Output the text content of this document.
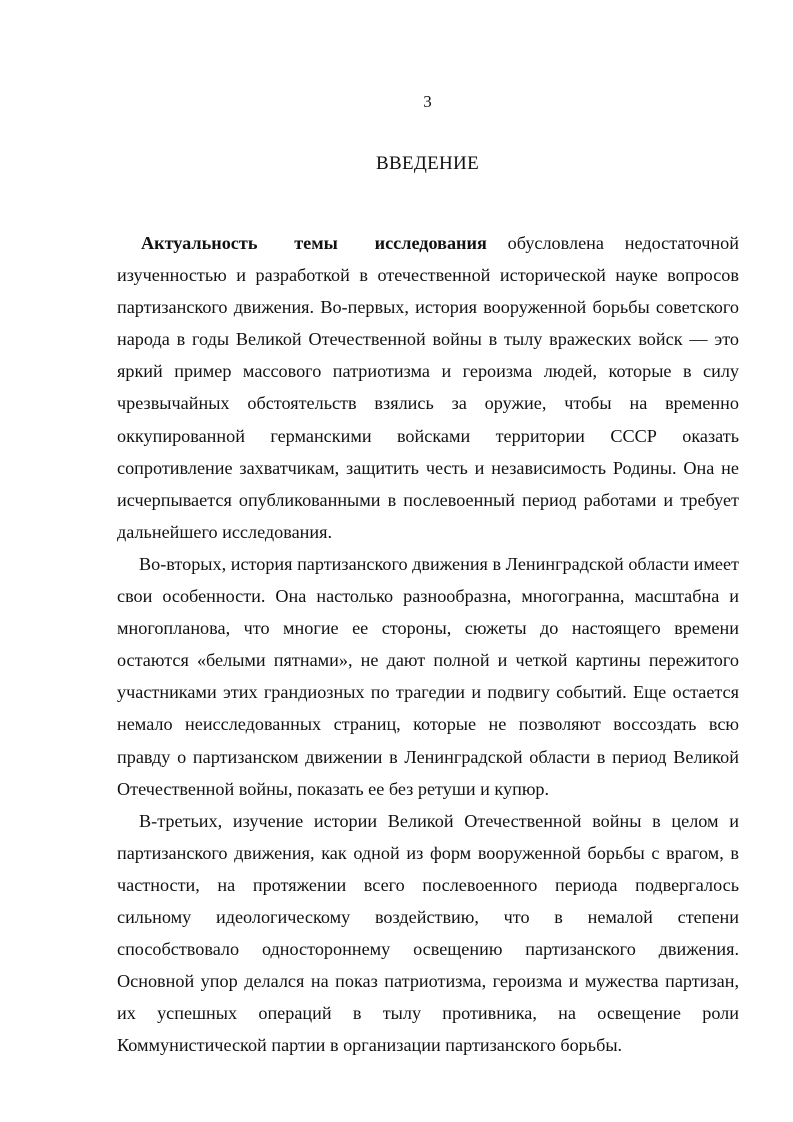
3
ВВЕДЕНИЕ

Актуальность темы исследования обусловлена недостаточной изученностью и разработкой в отечественной исторической науке вопросов партизанского движения. Во-первых, история вооруженной борьбы советского народа в годы Великой Отечественной войны в тылу вражеских войск — это яркий пример массового патриотизма и героизма людей, которые в силу чрезвычайных обстоятельств взялись за оружие, чтобы на временно оккупированной германскими войсками территории СССР оказать сопротивление захватчикам, защитить честь и независимость Родины. Она не исчерпывается опубликованными в послевоенный период работами и требует дальнейшего исследования.

Во-вторых, история партизанского движения в Ленинградской области имеет свои особенности. Она настолько разнообразна, многогранна, масштабна и многопланова, что многие ее стороны, сюжеты до настоящего времени остаются «белыми пятнами», не дают полной и четкой картины пережитого участниками этих грандиозных по трагедии и подвигу событий. Еще остается немало неисследованных страниц, которые не позволяют воссоздать всю правду о партизанском движении в Ленинградской области в период Великой Отечественной войны, показать ее без ретуши и купюр.

В-третьих, изучение истории Великой Отечественной войны в целом и партизанского движения, как одной из форм вооруженной борьбы с врагом, в частности, на протяжении всего послевоенного периода подвергалось сильному идеологическому воздействию, что в немалой степени способствовало одностороннему освещению партизанского движения. Основной упор делался на показ патриотизма, героизма и мужества партизан, их успешных операций в тылу противника, на освещение роли Коммунистической партии в организации партизанского борьбы.
